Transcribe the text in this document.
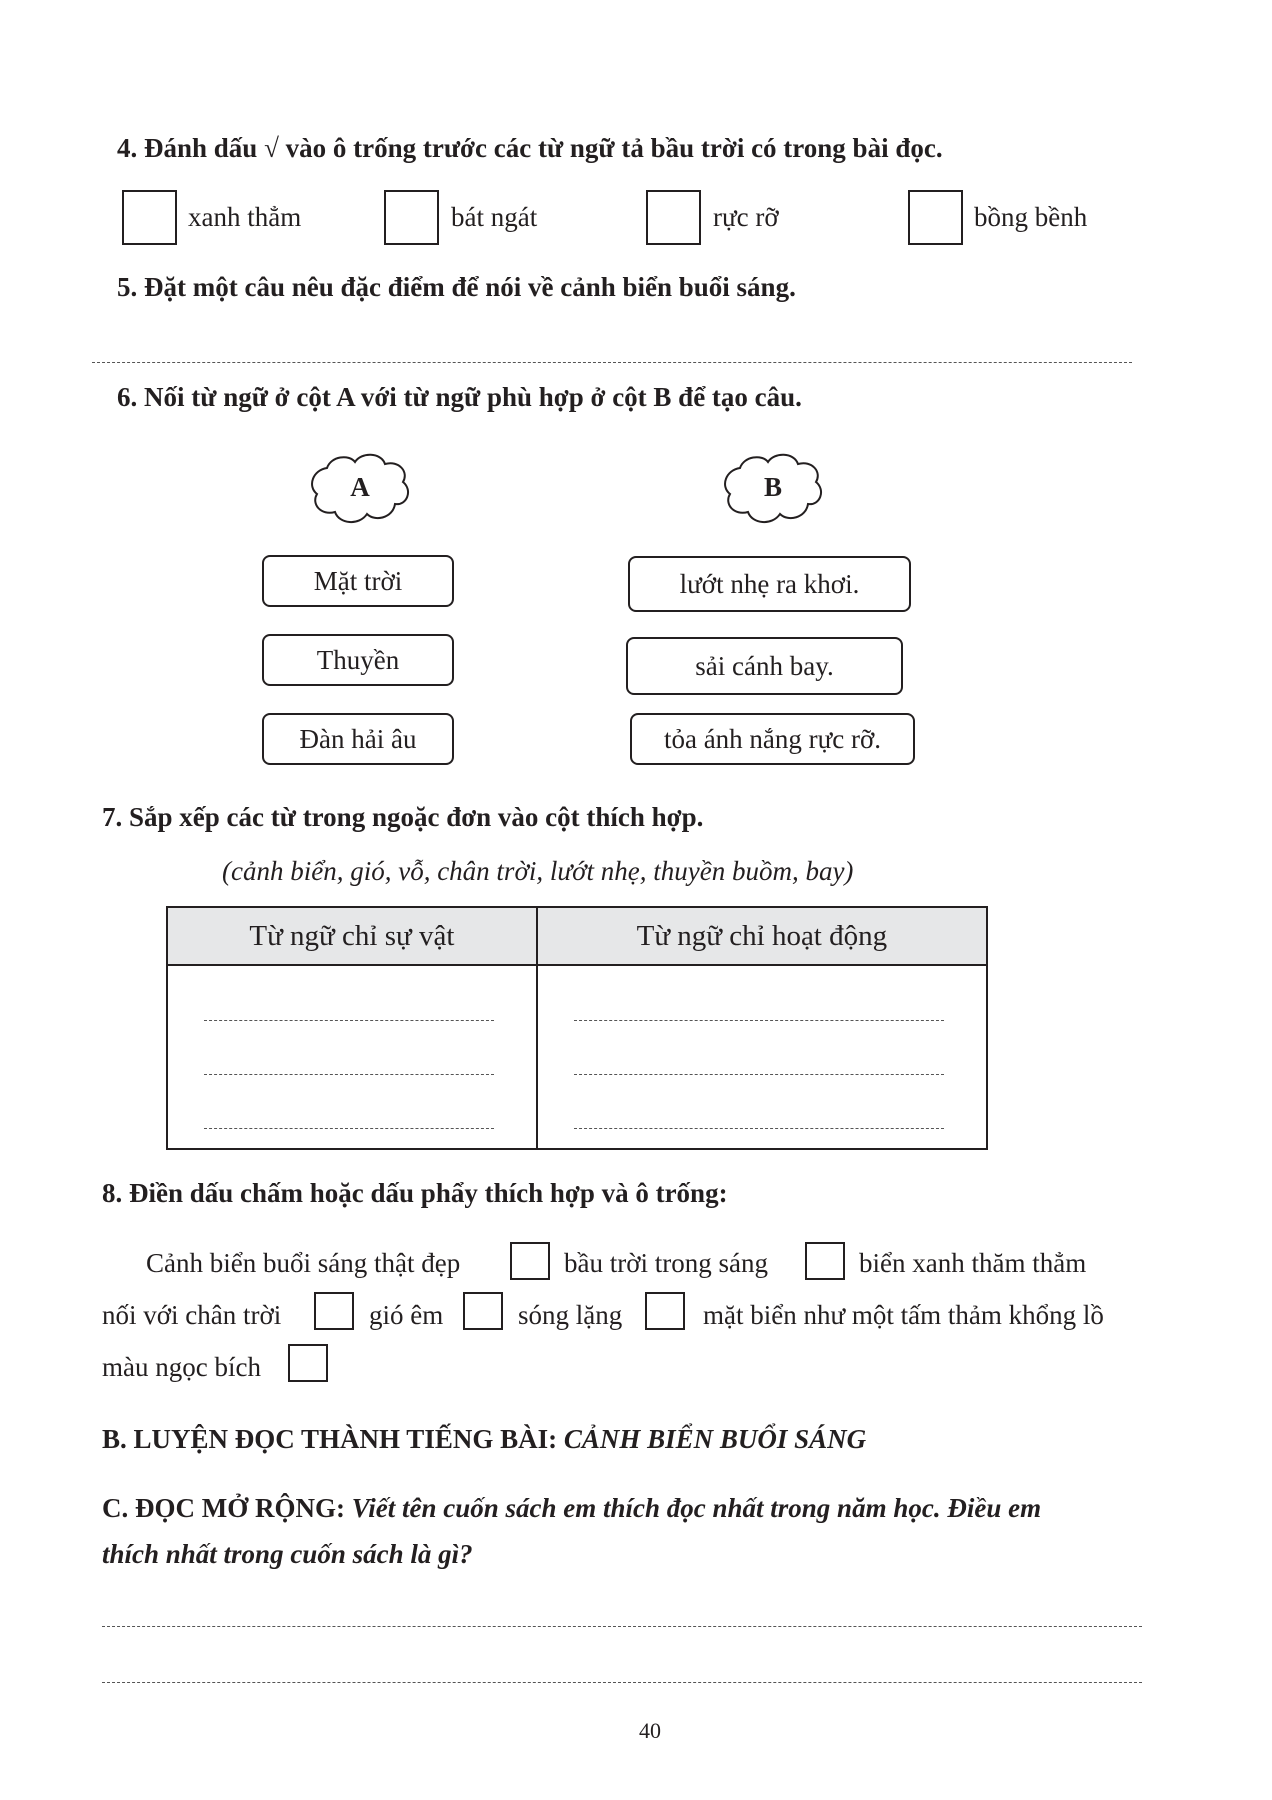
4. Đánh dấu √ vào ô trống trước các từ ngữ tả bầu trời có trong bài đọc.
xanh thẳm	bát ngát	rực rỡ	bồng bềnh
5. Đặt một câu nêu đặc điểm để nói về cảnh biển buổi sáng.
6. Nối từ ngữ ở cột A với từ ngữ phù hợp ở cột B để tạo câu.
A	B
Mặt trời
Thuyền
Đàn hải âu
lướt nhẹ ra khơi.
sải cánh bay.
tỏa ánh nắng rực rỡ.
7. Sắp xếp các từ trong ngoặc đơn vào cột thích hợp.
(cảnh biển, gió, vỗ, chân trời, lướt nhẹ, thuyền buồm, bay)
Từ ngữ chỉ sự vật	Từ ngữ chỉ hoạt động

8. Điền dấu chấm hoặc dấu phẩy thích hợp và ô trống:
Cảnh biển buổi sáng thật đẹp	bầu trời trong sáng	biển xanh thăm thẳm
nối với chân trời	gió êm	sóng lặng	mặt biển như một tấm thảm khổng lồ
màu ngọc bích
B. LUYỆN ĐỌC THÀNH TIẾNG BÀI: CẢNH BIỂN BUỔI SÁNG
C. ĐỌC MỞ RỘNG: Viết tên cuốn sách em thích đọc nhất trong năm học. Điều em
thích nhất trong cuốn sách là gì?
40
